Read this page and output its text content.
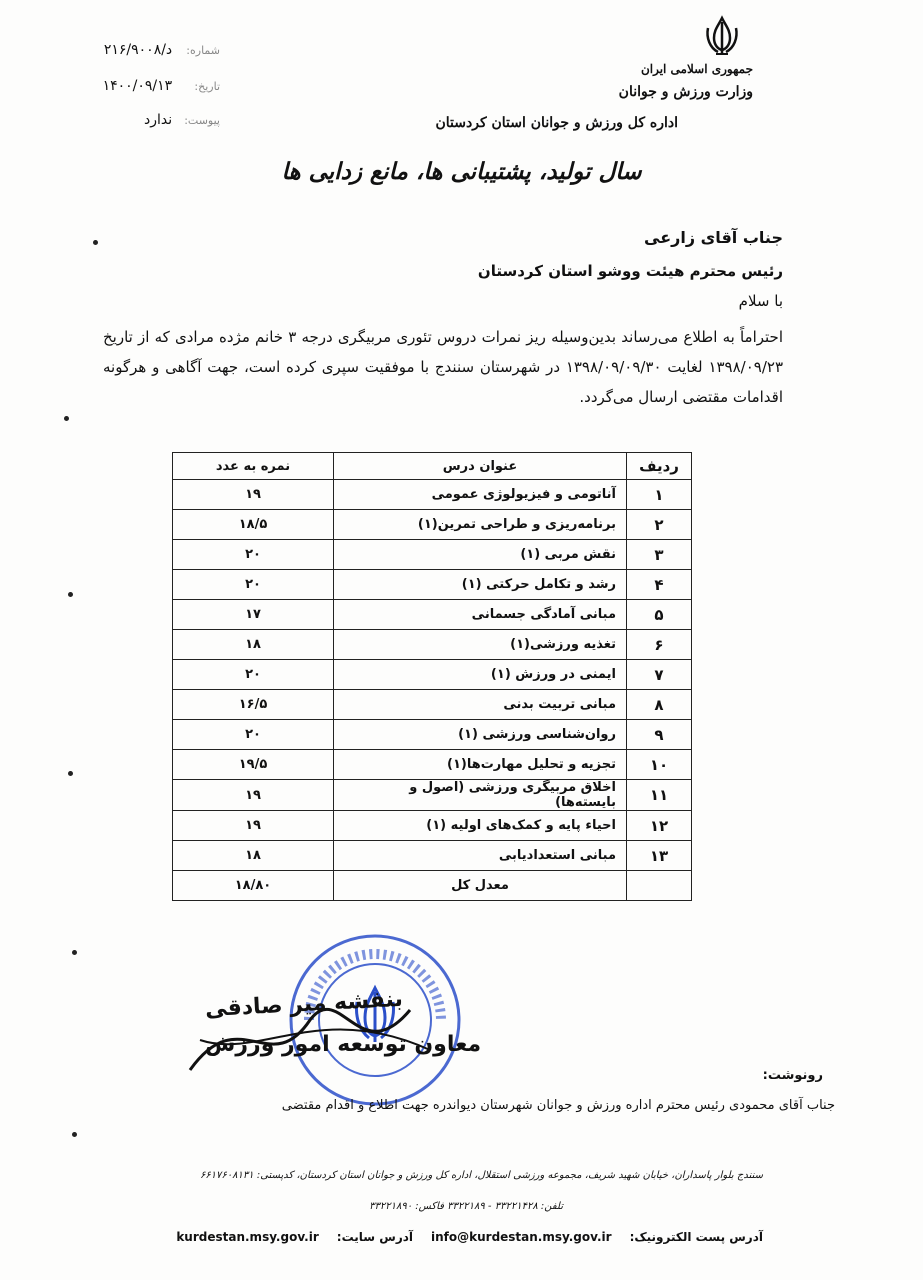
جمهوری اسلامی ایران
وزارت ورزش و جوانان
اداره کل ورزش و جوانان استان کردستان
شماره: د/۲۱۶/۹۰۰۸
تاریخ: ۱۴۰۰/۰۹/۱۳
پیوست: ندارد
سال تولید، پشتیبانی ها، مانع زدایی ها
جناب آقای زارعی
رئیس محترم هیئت ووشو استان کردستان
با سلام
احتراماً به اطلاع می‌رساند بدین‌وسیله ریز نمرات دروس تئوری مربیگری درجه ۳ خانم مژده مرادی که از تاریخ ۱۳۹۸/۰۹/۲۳ لغایت ۱۳۹۸/۰۹/۰۹/۳۰ در شهرستان سنندج با موفقیت سپری کرده است، جهت آگاهی و هرگونه اقدامات مقتضی ارسال می‌گردد.
ردیف	عنوان درس	نمره به عدد
۱	آناتومی و فیزیولوژی عمومی	۱۹
۲	برنامه‌ریزی و طراحی تمرین(۱)	۱۸/۵
۳	نقش مربی (۱)	۲۰
۴	رشد و تکامل حرکتی (۱)	۲۰
۵	مبانی آمادگی جسمانی	۱۷
۶	تغذیه ورزشی(۱)	۱۸
۷	ایمنی در ورزش (۱)	۲۰
۸	مبانی تربیت بدنی	۱۶/۵
۹	روان‌شناسی ورزشی (۱)	۲۰
۱۰	تجزیه و تحلیل مهارت‌ها(۱)	۱۹/۵
۱۱	اخلاق مربیگری ورزشی (اصول و بایسته‌ها)	۱۹
۱۲	احیاء پایه و کمک‌های اولیه (۱)	۱۹
۱۳	مبانی استعدادیابی	۱۸
	معدل کل	۱۸/۸۰
بنفشه میر صادقی
معاون توسعه امور ورزش
رونوشت:
جناب آقای محمودی رئیس محترم اداره ورزش و جوانان شهرستان دیواندره جهت اطلاع و اقدام مقتضی
سنندج بلوار پاسداران، خیابان شهید شریف، مجموعه ورزشی استقلال، اداره کل ورزش و جوانان استان کردستان، کدپستی: ۶۶۱۷۶۰۸۱۳۱
تلفن: ۳۳۲۲۱۴۲۸ - ۳۳۲۲۱۸۹ فاکس: ۳۳۲۲۱۸۹۰
آدرس پست الکترونیک:
info@kurdestan.msy.gov.ir
آدرس سایت:
kurdestan.msy.gov.ir
